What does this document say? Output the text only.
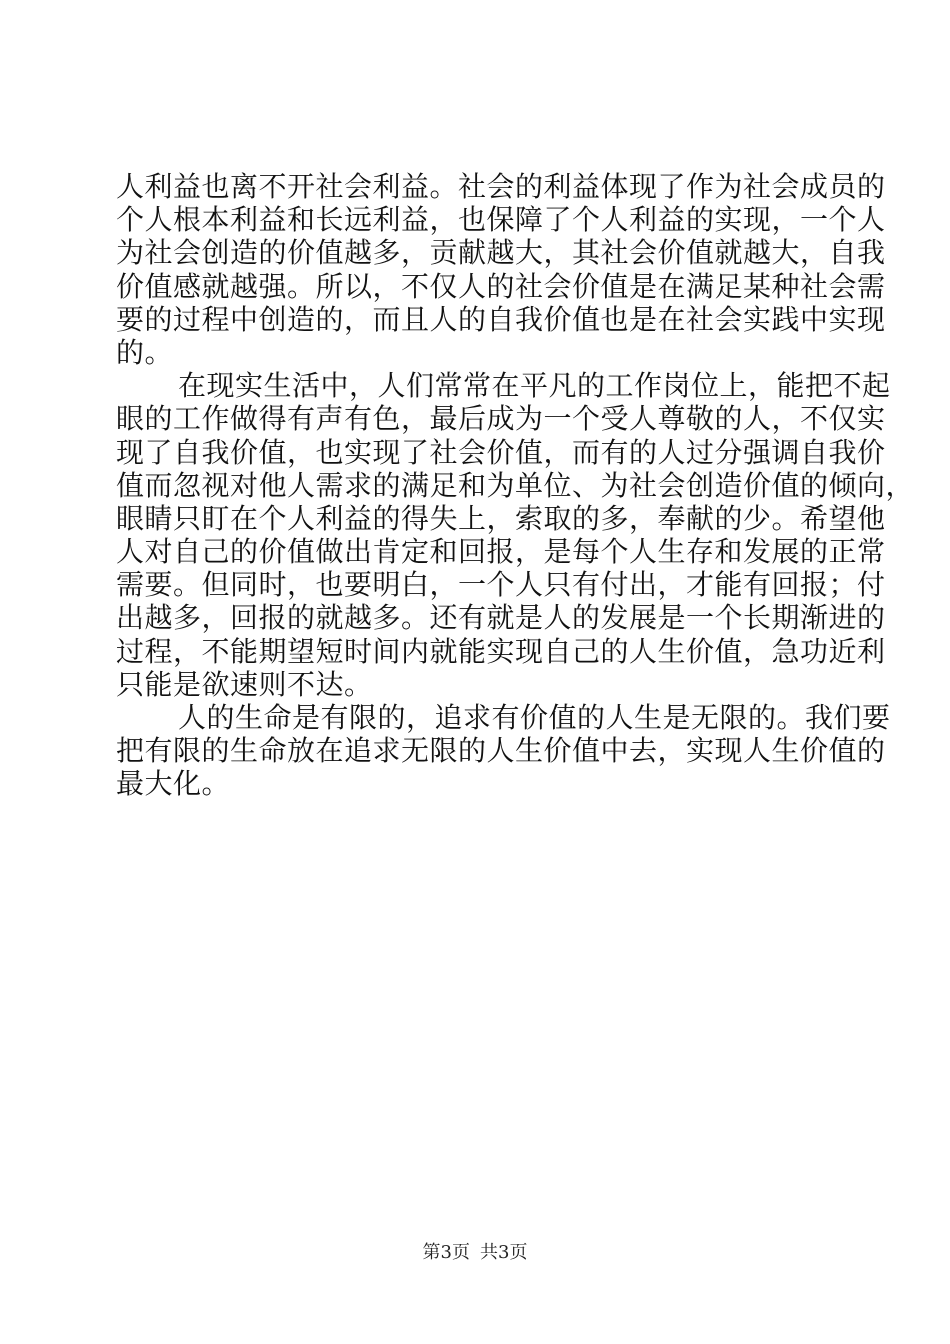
人利益也离不开社会利益。社会的利益体现了作为社会成员的
个人根本利益和长远利益，也保障了个人利益的实现，一个人
为社会创造的价值越多，贡献越大，其社会价值就越大，自我
价值感就越强。所以，不仅人的社会价值是在满足某种社会需
要的过程中创造的，而且人的自我价值也是在社会实践中实现
的。
在现实生活中，人们常常在平凡的工作岗位上，能把不起
眼的工作做得有声有色，最后成为一个受人尊敬的人，不仅实
现了自我价值，也实现了社会价值，而有的人过分强调自我价
值而忽视对他人需求的满足和为单位、为社会创造价值的倾向，
眼睛只盯在个人利益的得失上，索取的多，奉献的少。希望他
人对自己的价值做出肯定和回报，是每个人生存和发展的正常
需要。但同时，也要明白，一个人只有付出，才能有回报；付
出越多，回报的就越多。还有就是人的发展是一个长期渐进的
过程，不能期望短时间内就能实现自己的人生价值，急功近利
只能是欲速则不达。
人的生命是有限的，追求有价值的人生是无限的。我们要
把有限的生命放在追求无限的人生价值中去，实现人生价值的
最大化。
第3页 共3页
